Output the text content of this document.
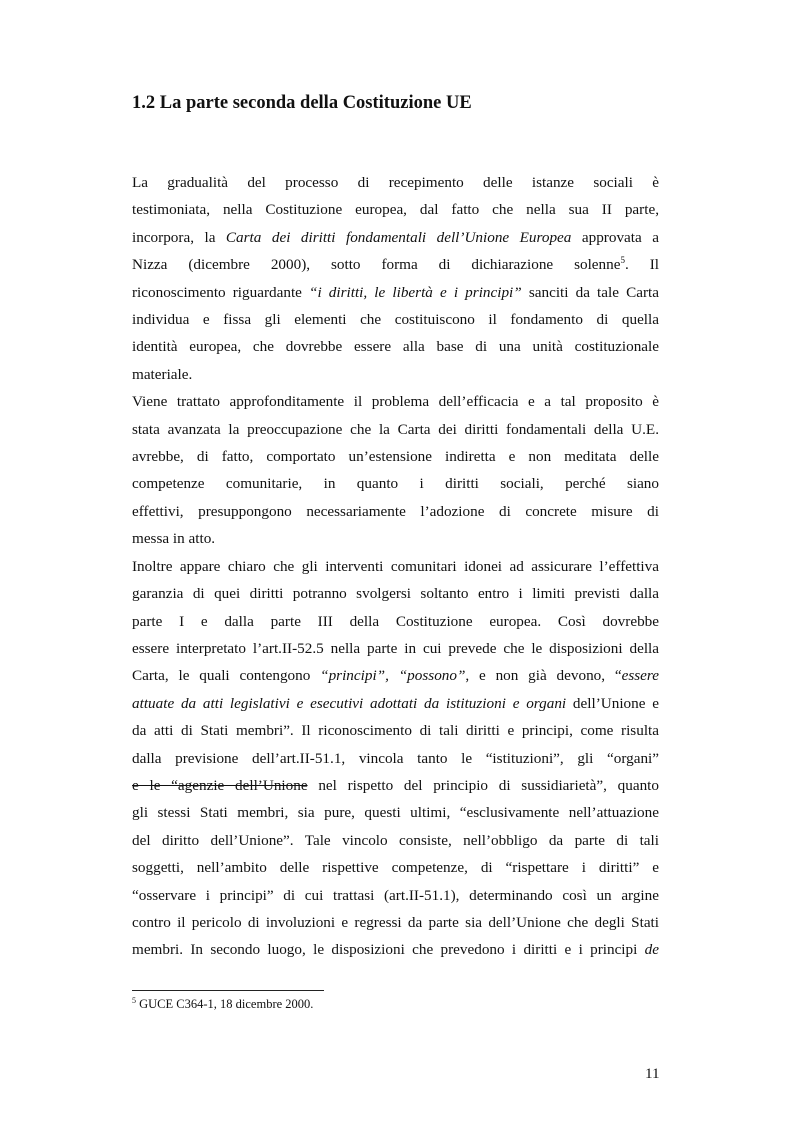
1.2 La parte seconda della Costituzione UE

La gradualità del processo di recepimento delle istanze sociali è
testimoniata, nella Costituzione europea, dal fatto che nella sua II parte,
incorpora, la Carta dei diritti fondamentali dell’Unione Europea approvata a
Nizza (dicembre 2000), sotto forma di dichiarazione solenne$^5$. Il
riconoscimento riguardante “i diritti, le libertà e i principi” sanciti da tale Carta
individua e fissa gli elementi che costituiscono il fondamento di quella
identità europea, che dovrebbe essere alla base di una unità costituzionale
materiale.

Viene trattato approfonditamente il problema dell’efficacia e a tal proposito è
stata avanzata la preoccupazione che la Carta dei diritti fondamentali della U.E.
avrebbe, di fatto, comportato un’estensione indiretta e non meditata delle
competenze comunitarie, in quanto i diritti sociali, perché siano
effettivi, presuppongono necessariamente l’adozione di concrete misure di
messa in atto.

Inoltre appare chiaro che gli interventi comunitari idonei ad assicurare l’effettiva
garanzia di quei diritti potranno svolgersi soltanto entro i limiti previsti dalla
parte I e dalla parte III della Costituzione europea. Così dovrebbe
essere interpretato l’art.II-52.5 nella parte in cui prevede che le disposizioni della
Carta, le quali contengono “principi”, “possono”, e non già devono, “essere
attuate da atti legislativi e esecutivi adottati da istituzioni e organi dell’Unione e
da atti di Stati membri”. Il riconoscimento di tali diritti e principi, come risulta
dalla previsione dell’art.II-51.1, vincola tanto le “istituzioni”, gli “organi”
e le “agenzie dell’Unione nel rispetto del principio di sussidiarietà”, quanto
gli stessi Stati membri, sia pure, questi ultimi, “esclusivamente nell’attuazione
del diritto dell’Unione”. Tale vincolo consiste, nell’obbligo da parte di tali
soggetti, nell’ambito delle rispettive competenze, di “rispettare i diritti” e
“osservare i principi” di cui trattasi (art.II-51.1), determinando così un argine
contro il pericolo di involuzioni e regressi da parte sia dell’Unione che degli Stati
membri. In secondo luogo, le disposizioni che prevedono i diritti e i principi de

$^5$ GUCE C364-1, 18 dicembre 2000.
11
